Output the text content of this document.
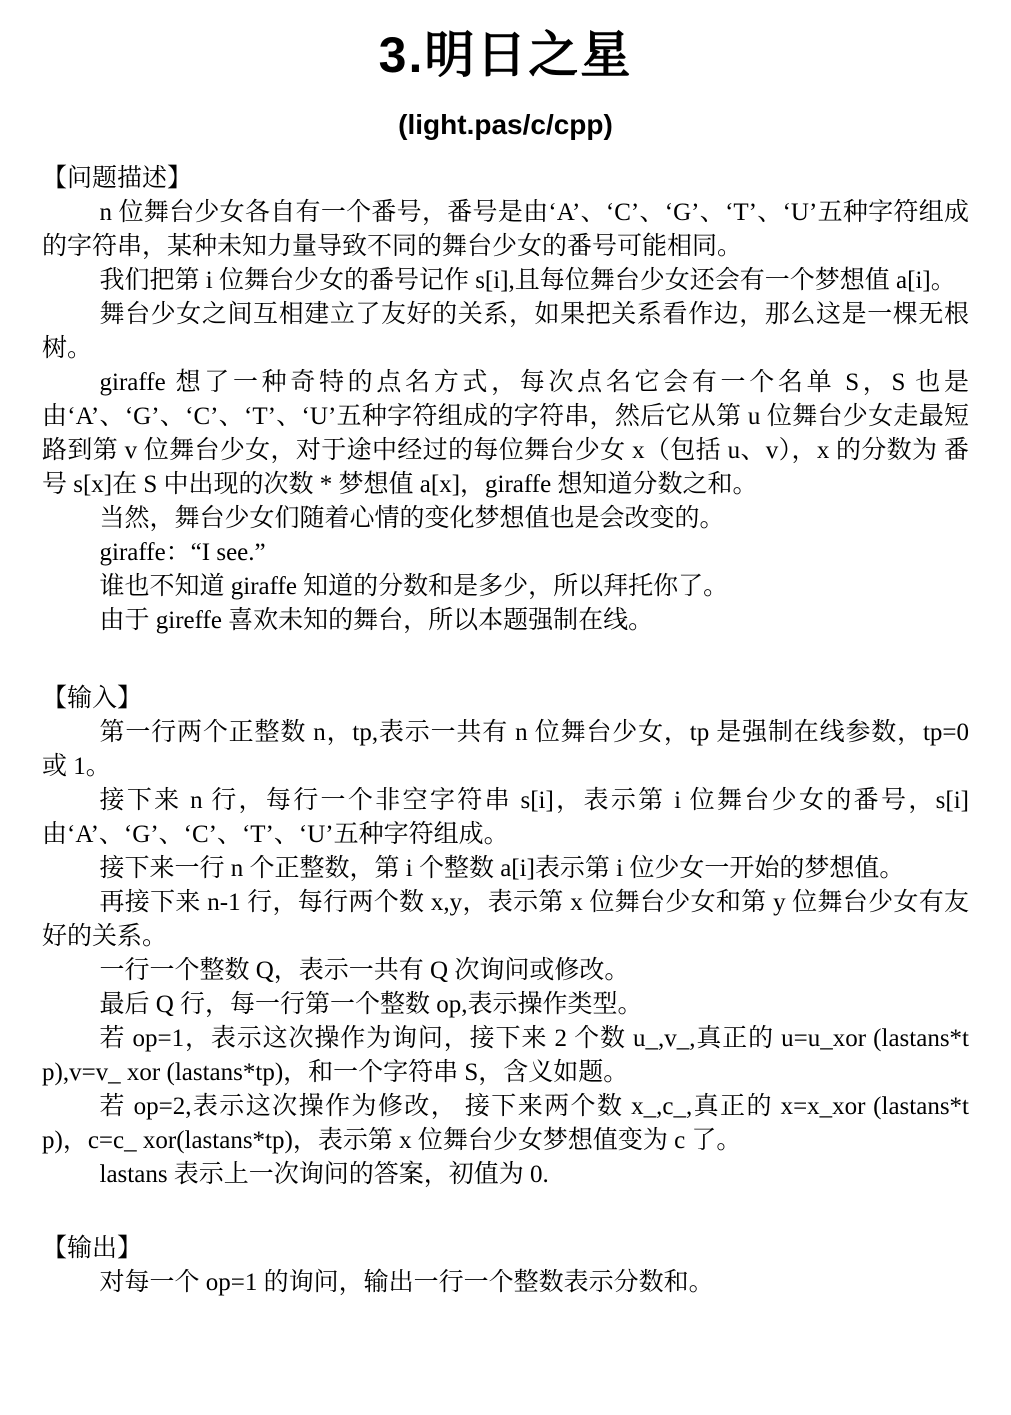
3.明日之星
(light.pas/c/cpp)
【问题描述】

n 位舞台少女各自有一个番号，番号是由‘A’、‘C’、‘G’、‘T’、‘U’五种字符组成的字符串，某种未知力量导致不同的舞台少女的番号可能相同。

我们把第 i 位舞台少女的番号记作 s[i],且每位舞台少女还会有一个梦想值 a[i]。

舞台少女之间互相建立了友好的关系，如果把关系看作边，那么这是一棵无根树。

giraffe 想了一种奇特的点名方式，每次点名它会有一个名单 S，S 也是由‘A’、‘G’、‘C’、‘T’、‘U’五种字符组成的字符串，然后它从第 u 位舞台少女走最短路到第 v 位舞台少女，对于途中经过的每位舞台少女 x（包括 u、v），x 的分数为 番号 s[x]在 S 中出现的次数 * 梦想值 a[x]，giraffe 想知道分数之和。

当然，舞台少女们随着心情的变化梦想值也是会改变的。

giraffe：“I see.”

谁也不知道 giraffe 知道的分数和是多少，所以拜托你了。

由于 gireffe 喜欢未知的舞台，所以本题强制在线。

【输入】

第一行两个正整数 n，tp,表示一共有 n 位舞台少女，tp 是强制在线参数，tp=0 或 1。

接下来 n 行，每行一个非空字符串 s[i]，表示第 i 位舞台少女的番号，s[i]由‘A’、‘G’、‘C’、‘T’、‘U’五种字符组成。

接下来一行 n 个正整数，第 i 个整数 a[i]表示第 i 位少女一开始的梦想值。

再接下来 n-1 行，每行两个数 x,y，表示第 x 位舞台少女和第 y 位舞台少女有友好的关系。

一行一个整数 Q，表示一共有 Q 次询问或修改。

最后 Q 行，每一行第一个整数 op,表示操作类型。

若 op=1，表示这次操作为询问，接下来 2 个数 u_,v_,真正的 u=u_xor (lastans*tp),v=v_ xor (lastans*tp)，和一个字符串 S，含义如题。

若 op=2,表示这次操作为修改， 接下来两个数 x_,c_,真正的 x=x_xor (lastans*tp)，c=c_ xor(lastans*tp)，表示第 x 位舞台少女梦想值变为 c 了。

lastans 表示上一次询问的答案，初值为 0.

【输出】

对每一个 op=1 的询问，输出一行一个整数表示分数和。
